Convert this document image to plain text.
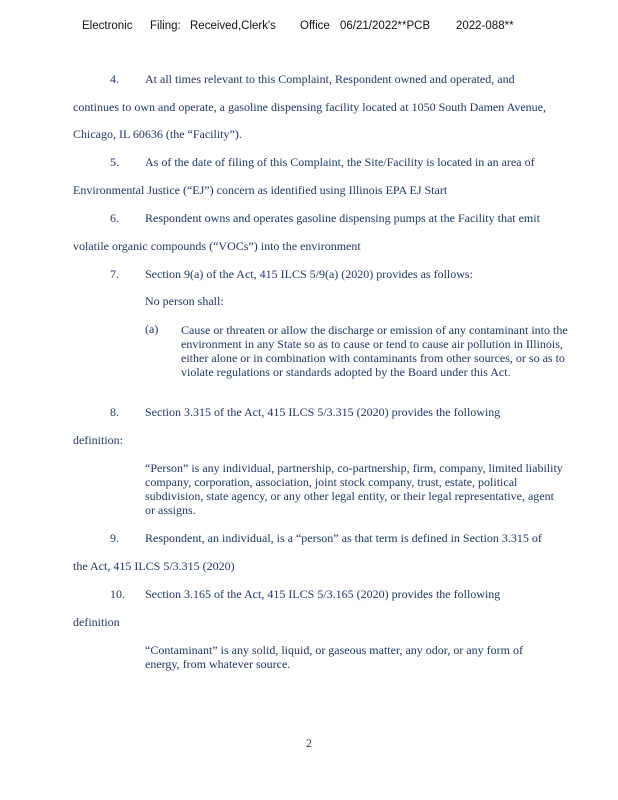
Electronic Filing: Received,Clerk's Office 06/21/2022**PCB 2022-088**
4. At all times relevant to this Complaint, Respondent owned and operated, and
continues to own and operate, a gasoline dispensing facility located at 1050 South Damen Avenue,
Chicago, IL 60636 (the “Facility”).
5. As of the date of filing of this Complaint, the Site/Facility is located in an area of
Environmental Justice (“EJ”) concern as identified using Illinois EPA EJ Start
6. Respondent owns and operates gasoline dispensing pumps at the Facility that emit
volatile organic compounds (“VOCs”) into the environment
7. Section 9(a) of the Act, 415 ILCS 5/9(a) (2020) provides as follows:
No person shall:
(a) Cause or threaten or allow the discharge or emission of any contaminant into the environment in any State so as to cause or tend to cause air pollution in Illinois, either alone or in combination with contaminants from other sources, or so as to violate regulations or standards adopted by the Board under this Act.
8. Section 3.315 of the Act, 415 ILCS 5/3.315 (2020) provides the following
definition:
“Person” is any individual, partnership, co-partnership, firm, company, limited liability company, corporation, association, joint stock company, trust, estate, political subdivision, state agency, or any other legal entity, or their legal representative, agent or assigns.
9. Respondent, an individual, is a “person” as that term is defined in Section 3.315 of
the Act, 415 ILCS 5/3.315 (2020)
10. Section 3.165 of the Act, 415 ILCS 5/3.165 (2020) provides the following
definition
“Contaminant” is any solid, liquid, or gaseous matter, any odor, or any form of energy, from whatever source.
2
